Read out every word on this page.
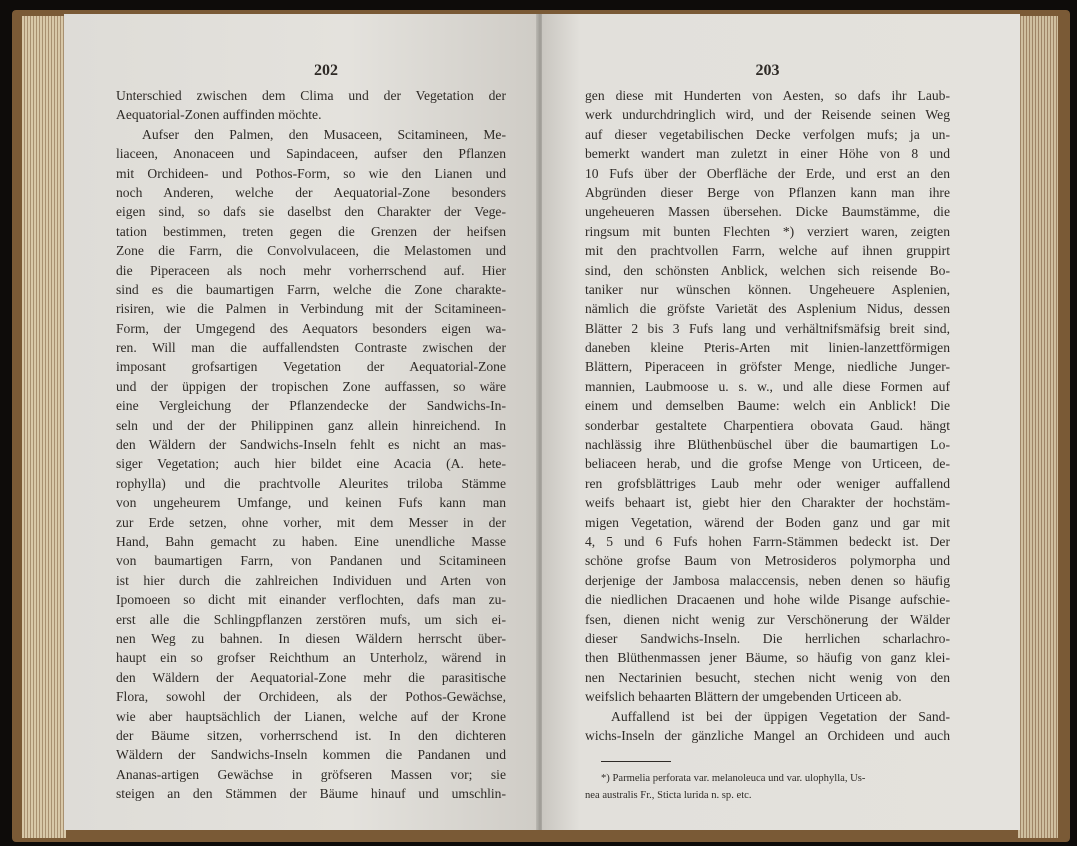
202
Unterschied zwischen dem Clima und der Vegetation der
Aequatorial-Zonen auffinden möchte.
Aufser den Palmen, den Musaceen, Scitamineen, Me-
liaceen, Anonaceen und Sapindaceen, aufser den Pflanzen
mit Orchideen- und Pothos-Form, so wie den Lianen und
noch Anderen, welche der Aequatorial-Zone besonders
eigen sind, so dafs sie daselbst den Charakter der Vege-
tation bestimmen, treten gegen die Grenzen der heifsen
Zone die Farrn, die Convolvulaceen, die Melastomen und
die Piperaceen als noch mehr vorherrschend auf. Hier
sind es die baumartigen Farrn, welche die Zone charakte-
risiren, wie die Palmen in Verbindung mit der Scitamineen-
Form, der Umgegend des Aequators besonders eigen wa-
ren. Will man die auffallendsten Contraste zwischen der
imposant grofsartigen Vegetation der Aequatorial-Zone
und der üppigen der tropischen Zone auffassen, so wäre
eine Vergleichung der Pflanzendecke der Sandwichs-In-
seln und der der Philippinen ganz allein hinreichend. In
den Wäldern der Sandwichs-Inseln fehlt es nicht an mas-
siger Vegetation; auch hier bildet eine Acacia (A. hete-
rophylla) und die prachtvolle Aleurites triloba Stämme
von ungeheurem Umfange, und keinen Fufs kann man
zur Erde setzen, ohne vorher, mit dem Messer in der
Hand, Bahn gemacht zu haben. Eine unendliche Masse
von baumartigen Farrn, von Pandanen und Scitamineen
ist hier durch die zahlreichen Individuen und Arten von
Ipomoeen so dicht mit einander verflochten, dafs man zu-
erst alle die Schlingpflanzen zerstören mufs, um sich ei-
nen Weg zu bahnen. In diesen Wäldern herrscht über-
haupt ein so grofser Reichthum an Unterholz, wärend in
den Wäldern der Aequatorial-Zone mehr die parasitische
Flora, sowohl der Orchideen, als der Pothos-Gewächse,
wie aber hauptsächlich der Lianen, welche auf der Krone
der Bäume sitzen, vorherrschend ist. In den dichteren
Wäldern der Sandwichs-Inseln kommen die Pandanen und
Ananas-artigen Gewächse in gröfseren Massen vor; sie
steigen an den Stämmen der Bäume hinauf und umschlin-
203
gen diese mit Hunderten von Aesten, so dafs ihr Laub-
werk undurchdringlich wird, und der Reisende seinen Weg
auf dieser vegetabilischen Decke verfolgen mufs; ja un-
bemerkt wandert man zuletzt in einer Höhe von 8 und
10 Fufs über der Oberfläche der Erde, und erst an den
Abgründen dieser Berge von Pflanzen kann man ihre
ungeheueren Massen übersehen. Dicke Baumstämme, die
ringsum mit bunten Flechten *) verziert waren, zeigten
mit den prachtvollen Farrn, welche auf ihnen gruppirt
sind, den schönsten Anblick, welchen sich reisende Bo-
taniker nur wünschen können. Ungeheuere Asplenien,
nämlich die gröfste Varietät des Asplenium Nidus, dessen
Blätter 2 bis 3 Fufs lang und verhältnifsmäfsig breit sind,
daneben kleine Pteris-Arten mit linien-lanzettförmigen
Blättern, Piperaceen in gröfster Menge, niedliche Junger-
mannien, Laubmoose u. s. w., und alle diese Formen auf
einem und demselben Baume: welch ein Anblick! Die
sonderbar gestaltete Charpentiera obovata Gaud. hängt
nachlässig ihre Blüthenbüschel über die baumartigen Lo-
beliaceen herab, und die grofse Menge von Urticeen, de-
ren grofsblättriges Laub mehr oder weniger auffallend
weifs behaart ist, giebt hier den Charakter der hochstäm-
migen Vegetation, wärend der Boden ganz und gar mit
4, 5 und 6 Fufs hohen Farrn-Stämmen bedeckt ist. Der
schöne grofse Baum von Metrosideros polymorpha und
derjenige der Jambosa malaccensis, neben denen so häufig
die niedlichen Dracaenen und hohe wilde Pisange aufschie-
fsen, dienen nicht wenig zur Verschönerung der Wälder
dieser Sandwichs-Inseln. Die herrlichen scharlachro-
then Blüthenmassen jener Bäume, so häufig von ganz klei-
nen Nectarinien besucht, stechen nicht wenig von den
weifslich behaarten Blättern der umgebenden Urticeen ab.
Auffallend ist bei der üppigen Vegetation der Sand-
wichs-Inseln der gänzliche Mangel an Orchideen und auch
*) Parmelia perforata var. melanoleuca und var. ulophylla, Us-
nea australis Fr., Sticta lurida n. sp. etc.
